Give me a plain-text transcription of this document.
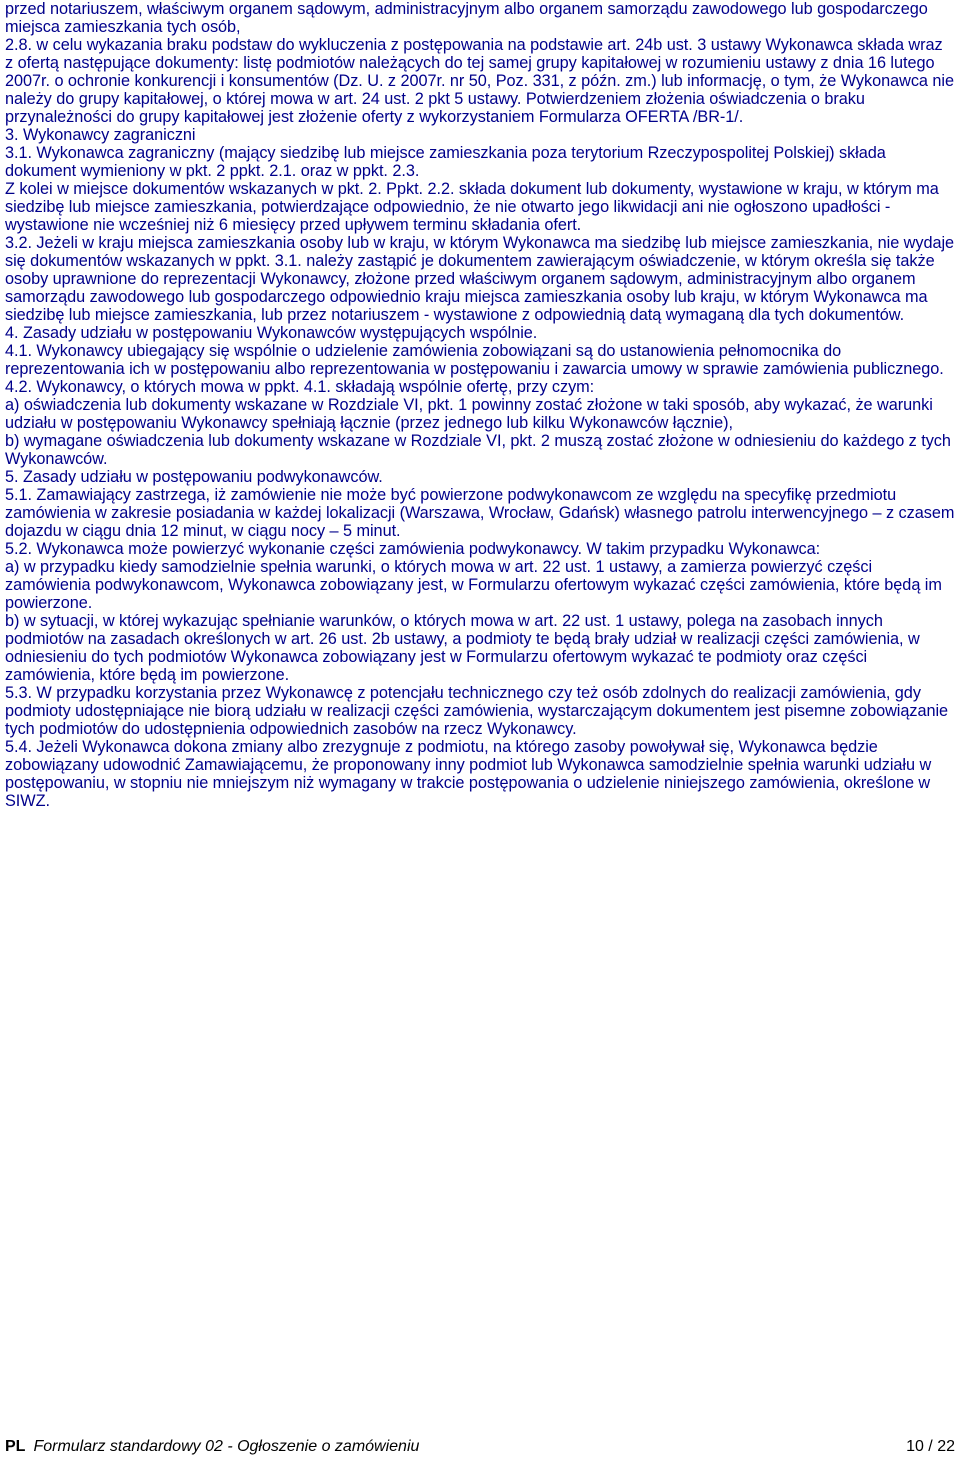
przed notariuszem, właściwym organem sądowym, administracyjnym albo organem samorządu zawodowego lub gospodarczego miejsca zamieszkania tych osób,

2.8. w celu wykazania braku podstaw do wykluczenia z postępowania na podstawie art. 24b ust. 3 ustawy Wykonawca składa wraz z ofertą następujące dokumenty: listę podmiotów należących do tej samej grupy kapitałowej w rozumieniu ustawy z dnia 16 lutego 2007r. o ochronie konkurencji i konsumentów (Dz. U. z 2007r. nr 50, Poz. 331, z późn. zm.) lub informację, o tym, że Wykonawca nie należy do grupy kapitałowej, o której mowa w art. 24 ust. 2 pkt 5 ustawy. Potwierdzeniem złożenia oświadczenia o braku przynależności do grupy kapitałowej jest złożenie oferty z wykorzystaniem Formularza OFERTA /BR-1/.

3. Wykonawcy zagraniczni

3.1. Wykonawca zagraniczny (mający siedzibę lub miejsce zamieszkania poza terytorium Rzeczypospolitej Polskiej) składa dokument wymieniony w pkt. 2 ppkt. 2.1. oraz w ppkt. 2.3.

Z kolei w miejsce dokumentów wskazanych w pkt. 2. Ppkt. 2.2. składa dokument lub dokumenty, wystawione w kraju, w którym ma siedzibę lub miejsce zamieszkania, potwierdzające odpowiednio, że nie otwarto jego likwidacji ani nie ogłoszono upadłości - wystawione nie wcześniej niż 6 miesięcy przed upływem terminu składania ofert.

3.2. Jeżeli w kraju miejsca zamieszkania osoby lub w kraju, w którym Wykonawca ma siedzibę lub miejsce zamieszkania, nie wydaje się dokumentów wskazanych w ppkt. 3.1. należy zastąpić je dokumentem zawierającym oświadczenie, w którym określa się także osoby uprawnione do reprezentacji Wykonawcy, złożone przed właściwym organem sądowym, administracyjnym albo organem samorządu zawodowego lub gospodarczego odpowiednio kraju miejsca zamieszkania osoby lub kraju, w którym Wykonawca ma siedzibę lub miejsce zamieszkania, lub przez notariuszem - wystawione z odpowiednią datą wymaganą dla tych dokumentów.

4. Zasady udziału w postępowaniu Wykonawców występujących wspólnie.

4.1. Wykonawcy ubiegający się wspólnie o udzielenie zamówienia zobowiązani są do ustanowienia pełnomocnika do reprezentowania ich w postępowaniu albo reprezentowania w postępowaniu i zawarcia umowy w sprawie zamówienia publicznego.

4.2. Wykonawcy, o których mowa w ppkt. 4.1. składają wspólnie ofertę, przy czym:

a) oświadczenia lub dokumenty wskazane w Rozdziale VI, pkt. 1 powinny zostać złożone w taki sposób, aby wykazać, że warunki udziału w postępowaniu Wykonawcy spełniają łącznie (przez jednego lub kilku Wykonawców łącznie),

b) wymagane oświadczenia lub dokumenty wskazane w Rozdziale VI, pkt. 2 muszą zostać złożone w odniesieniu do każdego z tych Wykonawców.

5. Zasady udziału w postępowaniu podwykonawców.

5.1. Zamawiający zastrzega, iż zamówienie nie może być powierzone podwykonawcom ze względu na specyfikę przedmiotu zamówienia w zakresie posiadania w każdej lokalizacji (Warszawa, Wrocław, Gdańsk) własnego patrolu interwencyjnego – z czasem dojazdu w ciągu dnia 12 minut, w ciągu nocy – 5 minut.

5.2. Wykonawca może powierzyć wykonanie części zamówienia podwykonawcy. W takim przypadku Wykonawca:

a) w przypadku kiedy samodzielnie spełnia warunki, o których mowa w art. 22 ust. 1 ustawy, a zamierza powierzyć części zamówienia podwykonawcom, Wykonawca zobowiązany jest, w Formularzu ofertowym wykazać części zamówienia, które będą im powierzone.

b) w sytuacji, w której wykazując spełnianie warunków, o których mowa w art. 22 ust. 1 ustawy, polega na zasobach innych podmiotów na zasadach określonych w art. 26 ust. 2b ustawy, a podmioty te będą brały udział w realizacji części zamówienia, w odniesieniu do tych podmiotów Wykonawca zobowiązany jest w Formularzu ofertowym wykazać te podmioty oraz części zamówienia, które będą im powierzone.

5.3. W przypadku korzystania przez Wykonawcę z potencjału technicznego czy też osób zdolnych do realizacji zamówienia, gdy podmioty udostępniające nie biorą udziału w realizacji części zamówienia, wystarczającym dokumentem jest pisemne zobowiązanie tych podmiotów do udostępnienia odpowiednich zasobów na rzecz Wykonawcy.

5.4. Jeżeli Wykonawca dokona zmiany albo zrezygnuje z podmiotu, na którego zasoby powoływał się, Wykonawca będzie zobowiązany udowodnić Zamawiającemu, że proponowany inny podmiot lub Wykonawca samodzielnie spełnia warunki udziału w postępowaniu, w stopniu nie mniejszym niż wymagany w trakcie postępowania o udzielenie niniejszego zamówienia, określone w SIWZ.

PL Formularz standardowy 02 - Ogłoszenie o zamówieniu	10 / 22
